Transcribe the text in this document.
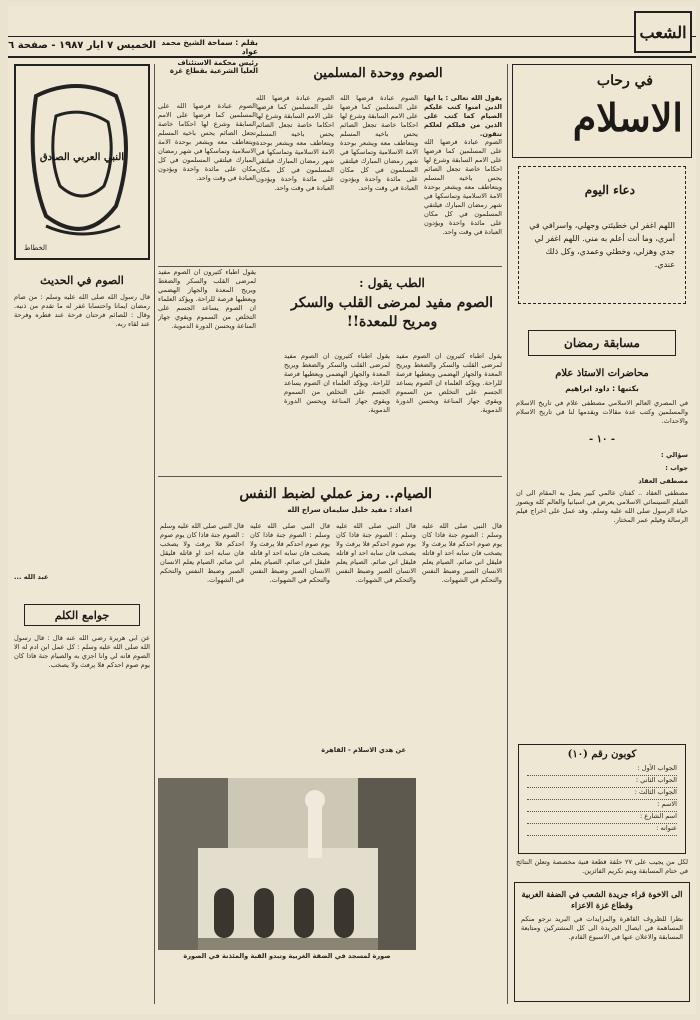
الشعب
الخميس ٧ ايار ١٩٨٧ - صفحة ٦
في رحاب
الاسلام
دعاء اليوم
اللهم اغفر لي خطيئتي وجهلي، واسرافي في أمري، وما أنت أعلم به مني. اللهم اغفر لي جدي وهزلي، وخطئي وعمدي، وكل ذلك عندي.
مسابقة رمضان
محاضرات الاستاذ علام
بكتبها : داود ابراهيم
في المصري العالم الاسلامي مصطفى علام في تاريخ الاسلام والمسلمين وكتب عدة مقالات ويقدمها لنا في تاريخ الاسلام والاحداث.
- ١٠ -
سؤالي :
جواب :
مصطفى العقاد
مصطفى العقاد .. كفنان عالمي كبير يصل به المقام الى ان الفيلم السينمائي الاسلامي يعرض في اسبانيا والعالم كله ويصور حياة الرسول صلى الله عليه وسلم. وقد عمل على اخراج فيلم الرسالة وفيلم عمر المختار.
كوبون رقم (١٠)
الجواب الأول :
الجواب الثاني :
الجواب الثالث :
الاسم :
اسم الشارع :
عنوانه :
لكل من يجيب على ٢٧ حلقة قطعة فنية مخصصة وتعلن النتائج في ختام المسابقة ويتم تكريم الفائزين.
الى الاخوة قراء جريدة الشعب في الضفة الغربية وقطاع غزة الاعزاء
نظرا للظروف القاهرة والمزايدات في البريد نرجو منكم المساهمة في ايصال الجريدة الى كل المشتركين ومتابعة المسابقة والاعلان عنها في الاسبوع القادم.
الصوم ووحدة المسلمين
يقول الله تعالى : يا ايها الذين امنوا كتب عليكم الصيام كما كتب على الذين من قبلكم لعلكم تتقون.
الصوم عبادة فرضها الله على المسلمين كما فرضها على الامم السابقة وشرع لها احكاما خاصة تجعل الصائم يحس باخيه المسلم ويتعاطف معه ويشعر بوحدة الامة الاسلامية وتماسكها في شهر رمضان المبارك فيلتقي المسلمون في كل مكان على مائدة واحدة ويؤدون العبادة في وقت واحد.
الصوم عبادة فرضها الله على المسلمين كما فرضها على الامم السابقة وشرع لها احكاما خاصة تجعل الصائم يحس باخيه المسلم ويتعاطف معه ويشعر بوحدة الامة الاسلامية وتماسكها في شهر رمضان المبارك فيلتقي المسلمون في كل مكان على مائدة واحدة ويؤدون العبادة في وقت واحد.
الصوم عبادة فرضها الله على المسلمين كما فرضها على الامم السابقة وشرع لها احكاما خاصة تجعل الصائم يحس باخيه المسلم ويتعاطف معه ويشعر بوحدة الامة الاسلامية وتماسكها في شهر رمضان المبارك فيلتقي المسلمون في كل مكان على مائدة واحدة ويؤدون العبادة في وقت واحد.
بقلم : سماحة الشيخ محمد عواد
رئيس محكمة الاستئناف العليا الشرعية بقطاع غزة
الصوم عبادة فرضها الله على المسلمين كما فرضها على الامم السابقة وشرع لها احكاما خاصة تجعل الصائم يحس باخيه المسلم ويتعاطف معه ويشعر بوحدة الامة الاسلامية وتماسكها في شهر رمضان المبارك فيلتقي المسلمون في كل مكان على مائدة واحدة ويؤدون العبادة في وقت واحد.
الطب يقول :
الصوم مفيد لمرضى القلب والسكر ومريح للمعدة!!
يقول اطباء كثيرون ان الصوم مفيد لمرضى القلب والسكر والضغط ويريح المعدة والجهاز الهضمي ويعطيها فرصة للراحة. ويؤكد العلماء ان الصوم يساعد الجسم على التخلص من السموم ويقوي جهاز المناعة ويحسن الدورة الدموية.
يقول اطباء كثيرون ان الصوم مفيد لمرضى القلب والسكر والضغط ويريح المعدة والجهاز الهضمي ويعطيها فرصة للراحة. ويؤكد العلماء ان الصوم يساعد الجسم على التخلص من السموم ويقوي جهاز المناعة ويحسن الدورة الدموية.
يقول اطباء كثيرون ان الصوم مفيد لمرضى القلب والسكر والضغط ويريح المعدة والجهاز الهضمي ويعطيها فرصة للراحة. ويؤكد العلماء ان الصوم يساعد الجسم على التخلص من السموم ويقوي جهاز المناعة ويحسن الدورة الدموية.
الصيام.. رمز عملي لضبط النفس
اعداد : مفيد خليل سليمان سراج الله
قال النبي صلى الله عليه وسلم : الصوم جنة فاذا كان يوم صوم احدكم فلا يرفث ولا يصخب فان سابه احد او قاتله فليقل اني صائم. الصيام يعلم الانسان الصبر وضبط النفس والتحكم في الشهوات.
قال النبي صلى الله عليه وسلم : الصوم جنة فاذا كان يوم صوم احدكم فلا يرفث ولا يصخب فان سابه احد او قاتله فليقل اني صائم. الصيام يعلم الانسان الصبر وضبط النفس والتحكم في الشهوات.
قال النبي صلى الله عليه وسلم : الصوم جنة فاذا كان يوم صوم احدكم فلا يرفث ولا يصخب فان سابه احد او قاتله فليقل اني صائم. الصيام يعلم الانسان الصبر وضبط النفس والتحكم في الشهوات.
قال النبي صلى الله عليه وسلم : الصوم جنة فاذا كان يوم صوم احدكم فلا يرفث ولا يصخب فان سابه احد او قاتله فليقل اني صائم. الصيام يعلم الانسان الصبر وضبط النفس والتحكم في الشهوات.
صورة لمسجد في الضفة الغربية وتبدو القبة والمئذنة في الصورة
عن هدي الاسلام - القاهرة
النبي العربي الصادق
الخطاط
الصوم في الحديث
قال رسول الله صلى الله عليه وسلم : من صام رمضان ايمانا واحتسابا غفر له ما تقدم من ذنبه. وقال : للصائم فرحتان فرحة عند فطره وفرحة عند لقاء ربه.
عبد الله ...
جوامع الكلم
عن ابي هريرة رضي الله عنه قال : قال رسول الله صلى الله عليه وسلم : كل عمل ابن ادم له الا الصوم فانه لي وانا اجزي به والصيام جنة فاذا كان يوم صوم احدكم فلا يرفث ولا يصخب.
